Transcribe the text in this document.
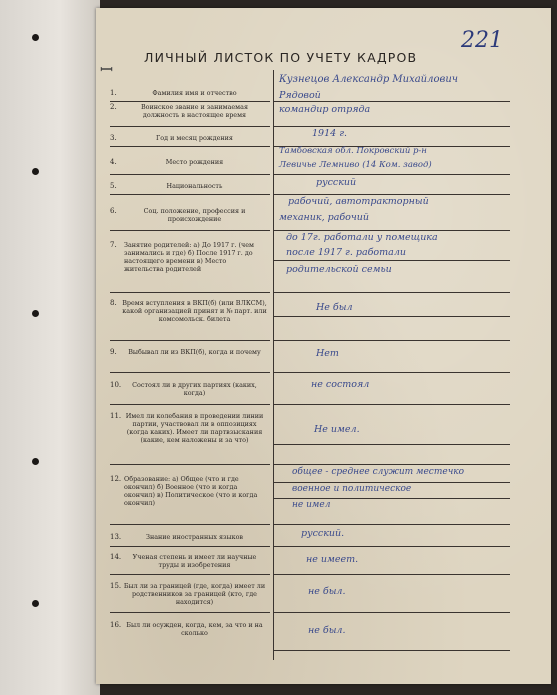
ꟷ
221
ЛИЧНЫЙ ЛИСТОК ПО УЧЕТУ КАДРОВ
1.	Фамилия имя и отчество
Кузнецов Александр Михайлович
2.	Воинское звание и занимаемая должность в настоящее время
Рядовой
командир отряда
3.	Год и месяц рождения	1914 г.
4.	Место рождения
Тамбовская обл. Покровский р-н
Левичье Лемниво (14 Ком. завод)
5.	Национальность	русский
6.	Соц. положение, профессия и происхождение
рабочий, автотракторный
механик, рабочий
7. Занятие родителей: а) До 1917 г. (чем занимались и где) б) После 1917 г. до настоящего времени в) Место жительства родителей
до 17г. работали у помещика
после 1917 г. работали
родительской семьи
8. Время вступления в ВКП(б) (или ВЛКСМ), какой организацией принят и № парт. или комсомольск. билета
Не был
9.	Выбывал ли из ВКП(б), когда и почему	Нет
10.	Состоял ли в других партиях (каких, когда)
не состоял
11. Имел ли колебания в проведении линии партии, участвовал ли в оппозициях (когда каких). Имеет ли партвзыскания (какие, кем наложены и за что)
Не имел.
12. Образование: а) Общее (что и где окончил) б) Военное (что и когда окончил) в) Политическое (что и когда окончил)
общее - среднее служит местечко
военное и политическое
не имел
13.	Знание иностранных языков	русский.
14.	Ученая степень и имеет ли научные труды и изобретения	не имеет.
15. Был ли за границей (где, когда) имеет ли родственников за границей (кто, где находится)
не был.
16. Был ли осужден, когда, кем, за что и на сколько	не был.
